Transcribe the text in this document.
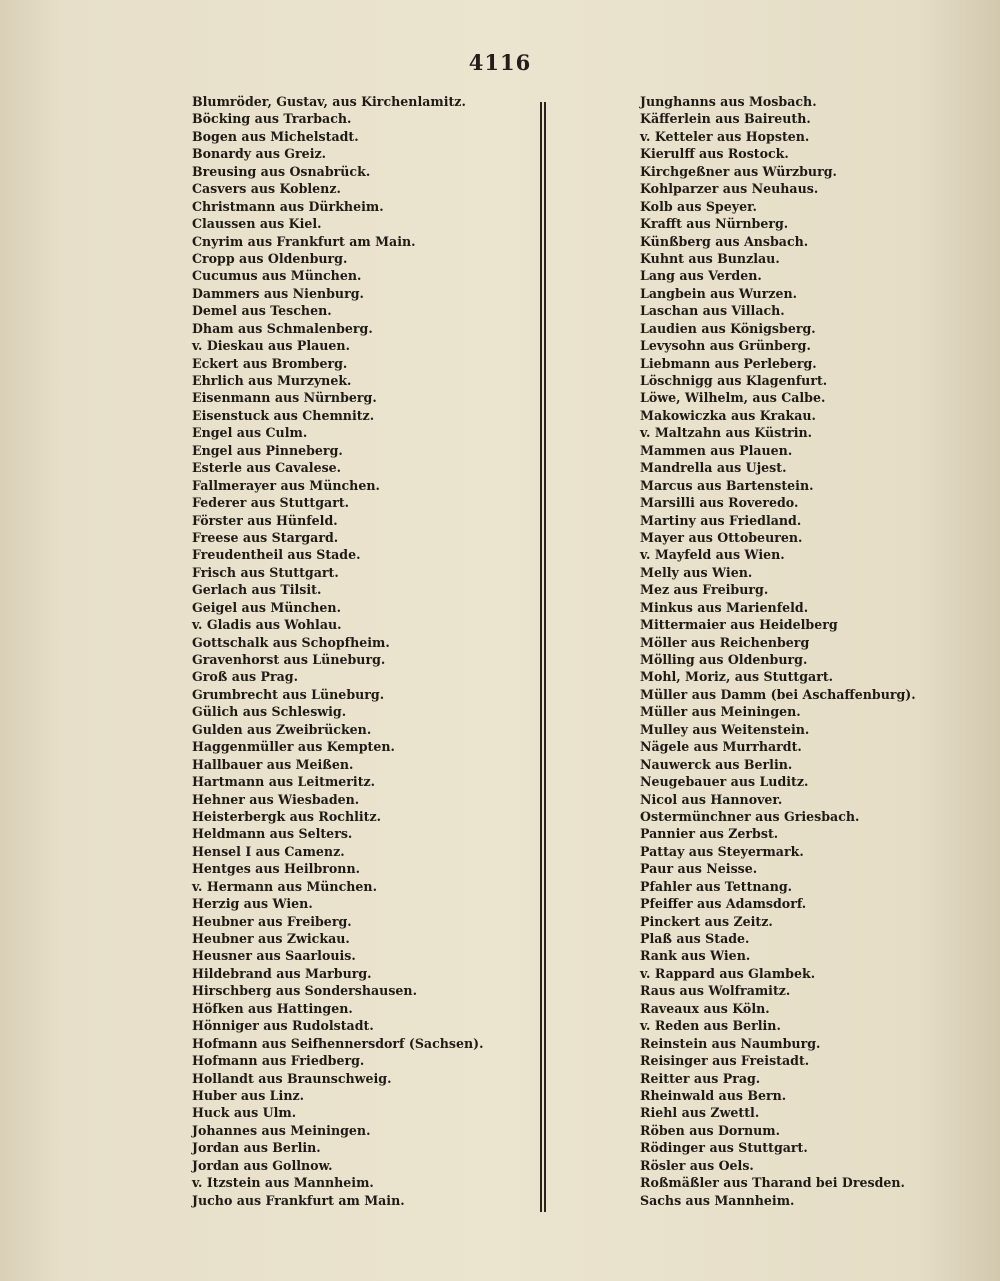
4116
Blumröder, Gustav, aus Kirchenlamitz.
Böcking aus Trarbach.
Bogen aus Michelstadt.
Bonardy aus Greiz.
Breusing aus Osnabrück.
Casvers aus Koblenz.
Christmann aus Dürkheim.
Claussen aus Kiel.
Cnyrim aus Frankfurt am Main.
Cropp aus Oldenburg.
Cucumus aus München.
Dammers aus Nienburg.
Demel aus Teschen.
Dham aus Schmalenberg.
v. Dieskau aus Plauen.
Eckert aus Bromberg.
Ehrlich aus Murzynek.
Eisenmann aus Nürnberg.
Eisenstuck aus Chemnitz.
Engel aus Culm.
Engel aus Pinneberg.
Esterle aus Cavalese.
Fallmerayer aus München.
Federer aus Stuttgart.
Förster aus Hünfeld.
Freese aus Stargard.
Freudentheil aus Stade.
Frisch aus Stuttgart.
Gerlach aus Tilsit.
Geigel aus München.
v. Gladis aus Wohlau.
Gottschalk aus Schopfheim.
Gravenhorst aus Lüneburg.
Groß aus Prag.
Grumbrecht aus Lüneburg.
Gülich aus Schleswig.
Gulden aus Zweibrücken.
Haggenmüller aus Kempten.
Hallbauer aus Meißen.
Hartmann aus Leitmeritz.
Hehner aus Wiesbaden.
Heisterbergk aus Rochlitz.
Heldmann aus Selters.
Hensel I aus Camenz.
Hentges aus Heilbronn.
v. Hermann aus München.
Herzig aus Wien.
Heubner aus Freiberg.
Heubner aus Zwickau.
Heusner aus Saarlouis.
Hildebrand aus Marburg.
Hirschberg aus Sondershausen.
Höfken aus Hattingen.
Hönniger aus Rudolstadt.
Hofmann aus Seifhennersdorf (Sachsen).
Hofmann aus Friedberg.
Hollandt aus Braunschweig.
Huber aus Linz.
Huck aus Ulm.
Johannes aus Meiningen.
Jordan aus Berlin.
Jordan aus Gollnow.
v. Itzstein aus Mannheim.
Jucho aus Frankfurt am Main.
Junghanns aus Mosbach.
Käfferlein aus Baireuth.
v. Ketteler aus Hopsten.
Kierulff aus Rostock.
Kirchgeßner aus Würzburg.
Kohlparzer aus Neuhaus.
Kolb aus Speyer.
Krafft aus Nürnberg.
Künßberg aus Ansbach.
Kuhnt aus Bunzlau.
Lang aus Verden.
Langbein aus Wurzen.
Laschan aus Villach.
Laudien aus Königsberg.
Levysohn aus Grünberg.
Liebmann aus Perleberg.
Löschnigg aus Klagenfurt.
Löwe, Wilhelm, aus Calbe.
Makowiczka aus Krakau.
v. Maltzahn aus Küstrin.
Mammen aus Plauen.
Mandrella aus Ujest.
Marcus aus Bartenstein.
Marsilli aus Roveredo.
Martiny aus Friedland.
Mayer aus Ottobeuren.
v. Mayfeld aus Wien.
Melly aus Wien.
Mez aus Freiburg.
Minkus aus Marienfeld.
Mittermaier aus Heidelberg
Möller aus Reichenberg
Mölling aus Oldenburg.
Mohl, Moriz, aus Stuttgart.
Müller aus Damm (bei Aschaffenburg).
Müller aus Meiningen.
Mulley aus Weitenstein.
Nägele aus Murrhardt.
Nauwerck aus Berlin.
Neugebauer aus Luditz.
Nicol aus Hannover.
Ostermünchner aus Griesbach.
Pannier aus Zerbst.
Pattay aus Steyermark.
Paur aus Neisse.
Pfahler aus Tettnang.
Pfeiffer aus Adamsdorf.
Pinckert aus Zeitz.
Plaß aus Stade.
Rank aus Wien.
v. Rappard aus Glambek.
Raus aus Wolframitz.
Raveaux aus Köln.
v. Reden aus Berlin.
Reinstein aus Naumburg.
Reisinger aus Freistadt.
Reitter aus Prag.
Rheinwald aus Bern.
Riehl aus Zwettl.
Röben aus Dornum.
Rödinger aus Stuttgart.
Rösler aus Oels.
Roßmäßler aus Tharand bei Dresden.
Sachs aus Mannheim.
